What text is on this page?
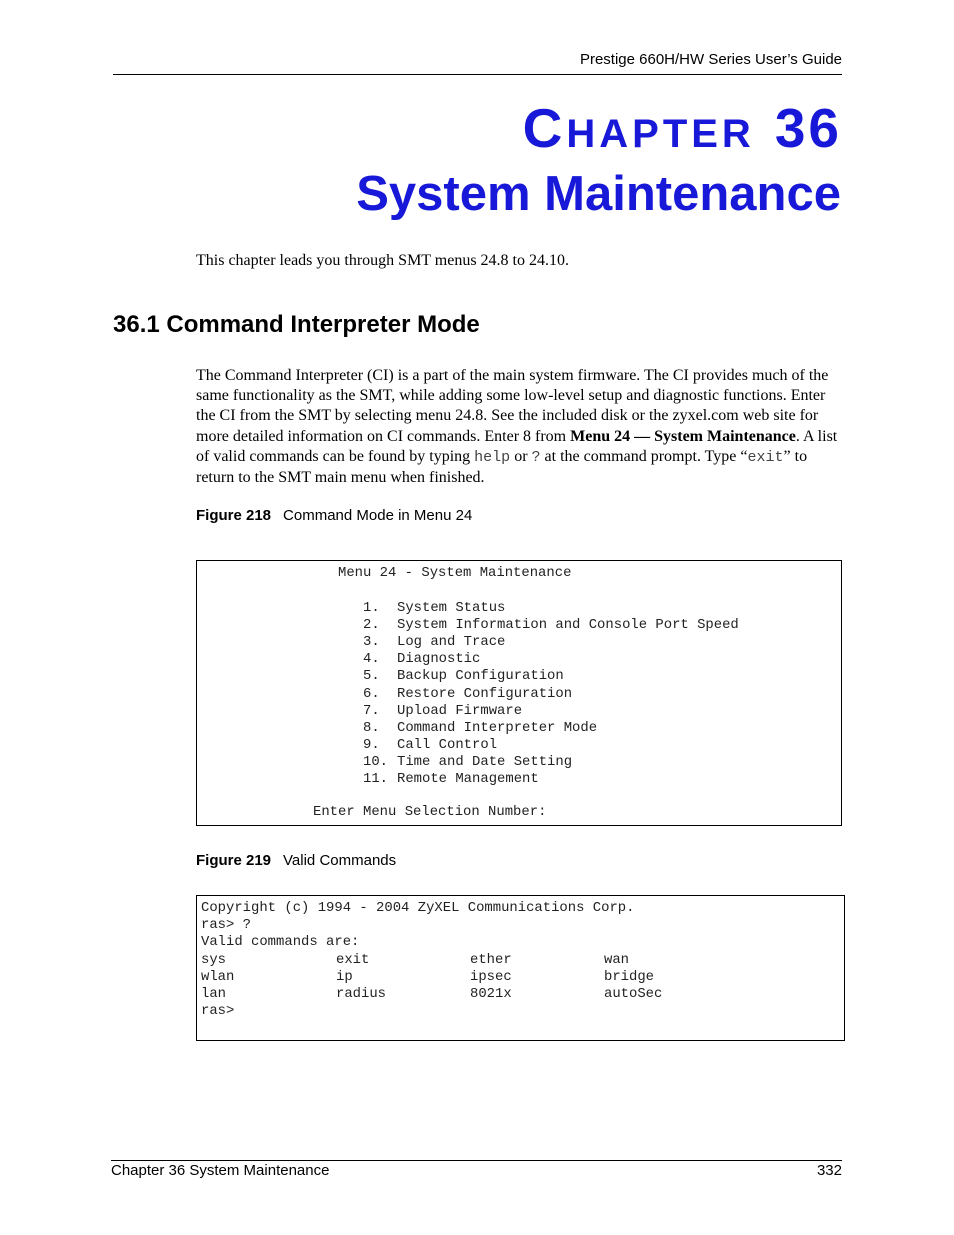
Prestige 660H/HW Series User’s Guide
CHAPTER 36
System Maintenance
This chapter leads you through SMT menus 24.8 to 24.10.
36.1 Command Interpreter Mode
The Command Interpreter (CI) is a part of the main system firmware. The CI provides much of the same functionality as the SMT, while adding some low-level setup and diagnostic functions. Enter the CI from the SMT by selecting menu 24.8. See the included disk or the zyxel.com web site for more detailed information on CI commands. Enter 8 from Menu 24 — System Maintenance. A list of valid commands can be found by typing help or ? at the command prompt. Type “exit” to return to the SMT main menu when finished.
Figure 218 Command Mode in Menu 24
Menu 24 - System Maintenance
1. System Status
2. System Information and Console Port Speed
3. Log and Trace
4. Diagnostic
5. Backup Configuration
6. Restore Configuration
7. Upload Firmware
8. Command Interpreter Mode
9. Call Control
10. Time and Date Setting
11. Remote Management
Enter Menu Selection Number:
Figure 219 Valid Commands
Copyright (c) 1994 - 2004 ZyXEL Communications Corp.
ras> ?
Valid commands are:
sys	exit	ether	wan
wlan	ip	ipsec	bridge
lan	radius	8021x	autoSec
ras>
Chapter 36 System Maintenance	332
